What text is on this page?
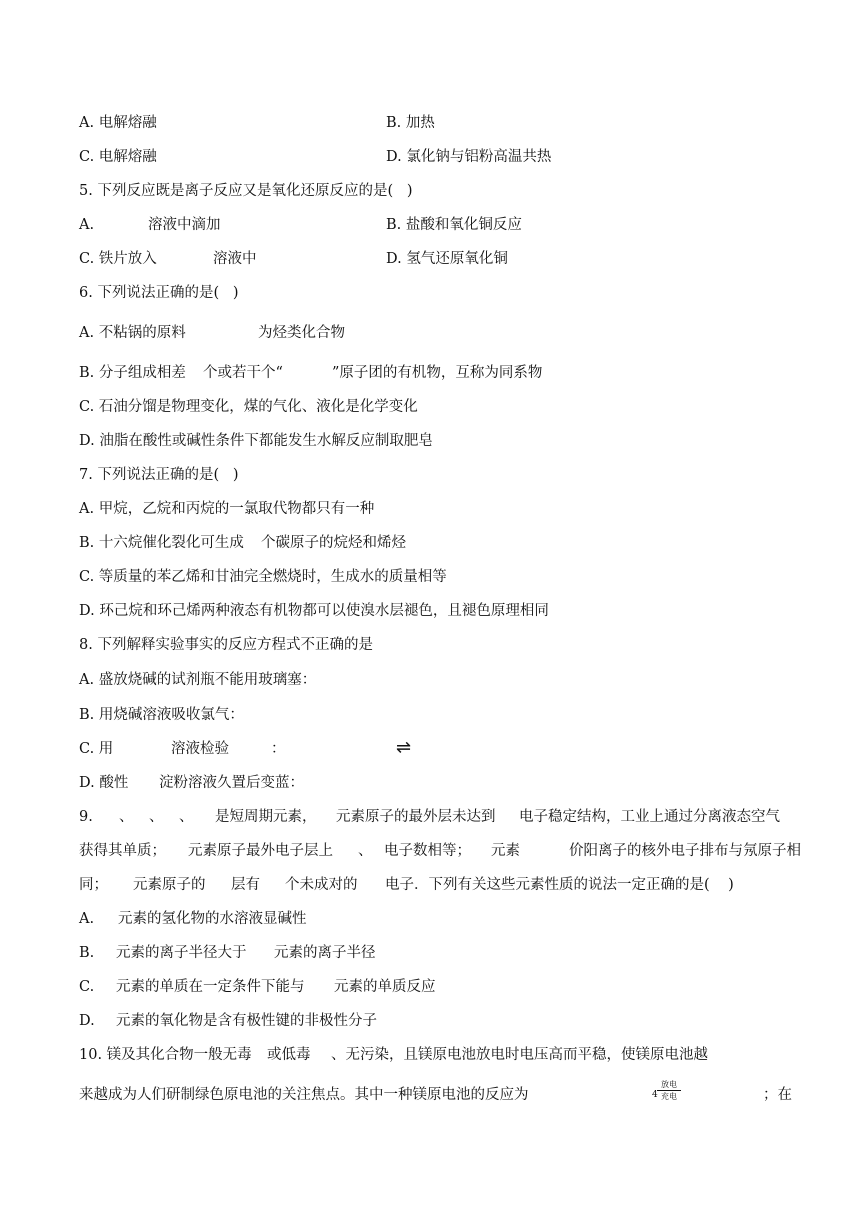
A. 电解熔融	B. 加热
C. 电解熔融	D. 氯化钠与铝粉高温共热
5. 下列反应既是离子反应又是氧化还原反应的是(   )
A.	溶液中滴加	B. 盐酸和氧化铜反应
C. 铁片放入	溶液中	D. 氢气还原氧化铜
6. 下列说法正确的是(   )
A. 不粘锅的原料	为烃类化合物
B. 分子组成相差 个或若干个“	”原子团的有机物，互称为同系物
C. 石油分馏是物理变化，煤的气化、液化是化学变化
D. 油脂在酸性或碱性条件下都能发生水解反应制取肥皂
7. 下列说法正确的是(   )
A. 甲烷，乙烷和丙烷的一氯取代物都只有一种
B. 十六烷催化裂化可生成 个碳原子的烷烃和烯烃
C. 等质量的苯乙烯和甘油完全燃烧时，生成水的质量相等
D. 环己烷和环己烯两种液态有机物都可以使溴水层褪色，且褪色原理相同
8. 下列解释实验事实的反应方程式不正确的是
A. 盛放烧碱的试剂瓶不能用玻璃塞：
B. 用烧碱溶液吸收氯气：
C. 用	溶液检验	：	⇌
D. 酸性 淀粉溶液久置后变蓝：
9. 、 、 、 是短周期元素， 元素原子的最外层未达到 电子稳定结构，工业上通过分离液态空气
获得其单质； 元素原子最外电子层上 、 电子数相等； 元素	价阳离子的核外电子排布与氖原子相
同； 元素原子的 层有 个未成对的 电子．下列有关这些元素性质的说法一定正确的是(    )
A. 元素的氢化物的水溶液显碱性
B. 元素的离子半径大于 元素的离子半径
C. 元素的单质在一定条件下能与 元素的单质反应
D. 元素的氧化物是含有极性键的非极性分子
10. 镁及其化合物一般无毒 或低毒 、无污染，且镁原电池放电时电压高而平稳，使镁原电池越
来越成为人们研制绿色原电池的关注焦点。其中一种镁原电池的反应为	4
放电
充电	；在
